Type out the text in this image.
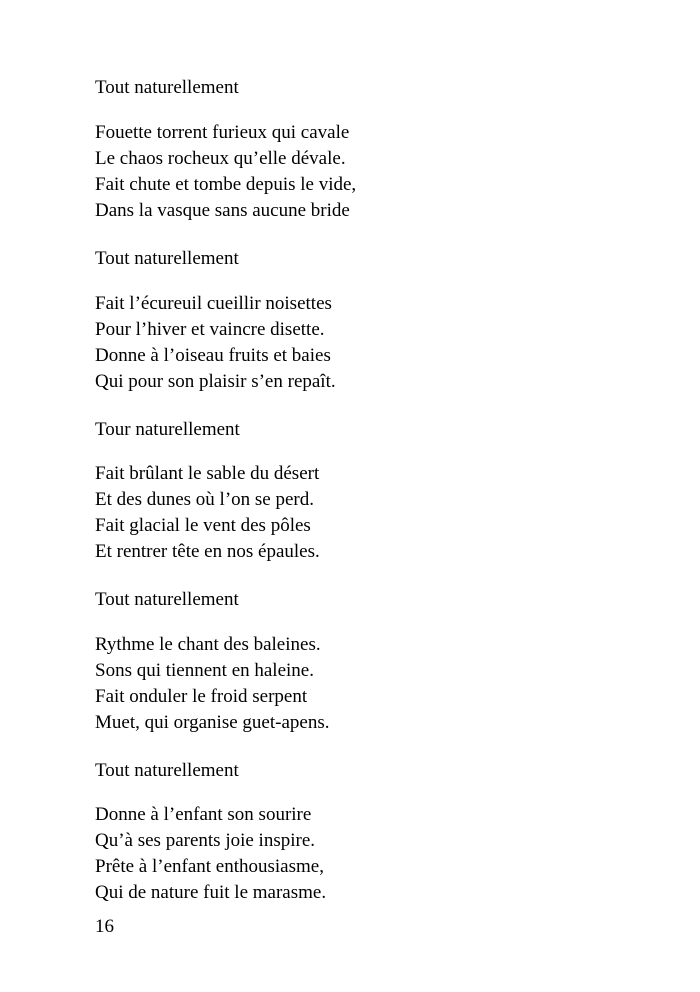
Tout naturellement

Fouette torrent furieux qui cavale

Le chaos rocheux qu’elle dévale.

Fait chute et tombe depuis le vide,

Dans la vasque sans aucune bride

Tout naturellement

Fait l’écureuil cueillir noisettes

Pour l’hiver et vaincre disette.

Donne à l’oiseau fruits et baies

Qui pour son plaisir s’en repaît.

Tour naturellement

Fait brûlant le sable du désert

Et des dunes où l’on se perd.

Fait glacial le vent des pôles

Et rentrer tête en nos épaules.

Tout naturellement

Rythme le chant des baleines.

Sons qui tiennent en haleine.

Fait onduler le froid serpent

Muet, qui organise guet-apens.

Tout naturellement

Donne à l’enfant son sourire

Qu’à ses parents joie inspire.

Prête à l’enfant enthousiasme,

Qui de nature fuit le marasme.

16
